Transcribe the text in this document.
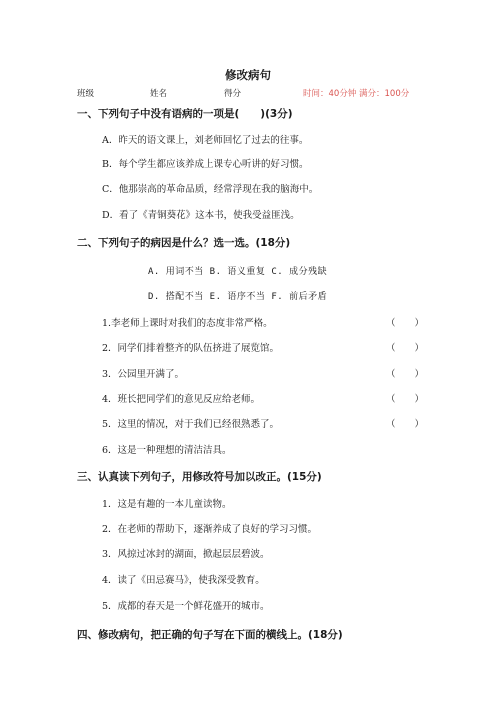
修改病句
班级	姓名	得分	时间：40分钟 满分：100分
一、下列句子中没有语病的一项是(　　)(3分)
A．昨天的语文课上，刘老师回忆了过去的往事。
B．每个学生都应该养成上课专心听讲的好习惯。
C．他那崇高的革命品质，经常浮现在我的脑海中。
D．看了《青铜葵花》这本书，使我受益匪浅。
二、下列句子的病因是什么？选一选。(18分)
A. 用词不当 B. 语义重复 C. 成分残缺
D. 搭配不当 E. 语序不当 F. 前后矛盾
1.李老师上课时对我们的态度非常严格。	（　　）
2．同学们排着整齐的队伍挤进了展览馆。	（　　）
3．公园里开满了。	（　　）
4．班长把同学们的意见反应给老师。	（　　）
5．这里的情况，对于我们已经很熟悉了。	（　　）
6．这是一种理想的清洁洁具。
三、认真读下列句子，用修改符号加以改正。(15分)
1．这是有趣的一本儿童读物。
2．在老师的帮助下，逐渐养成了良好的学习习惯。
3．风掠过冰封的湖面，掀起层层碧波。
4．读了《田忌赛马》，使我深受教育。
5．成都的春天是一个鲜花盛开的城市。
四、修改病句，把正确的句子写在下面的横线上。(18分)
